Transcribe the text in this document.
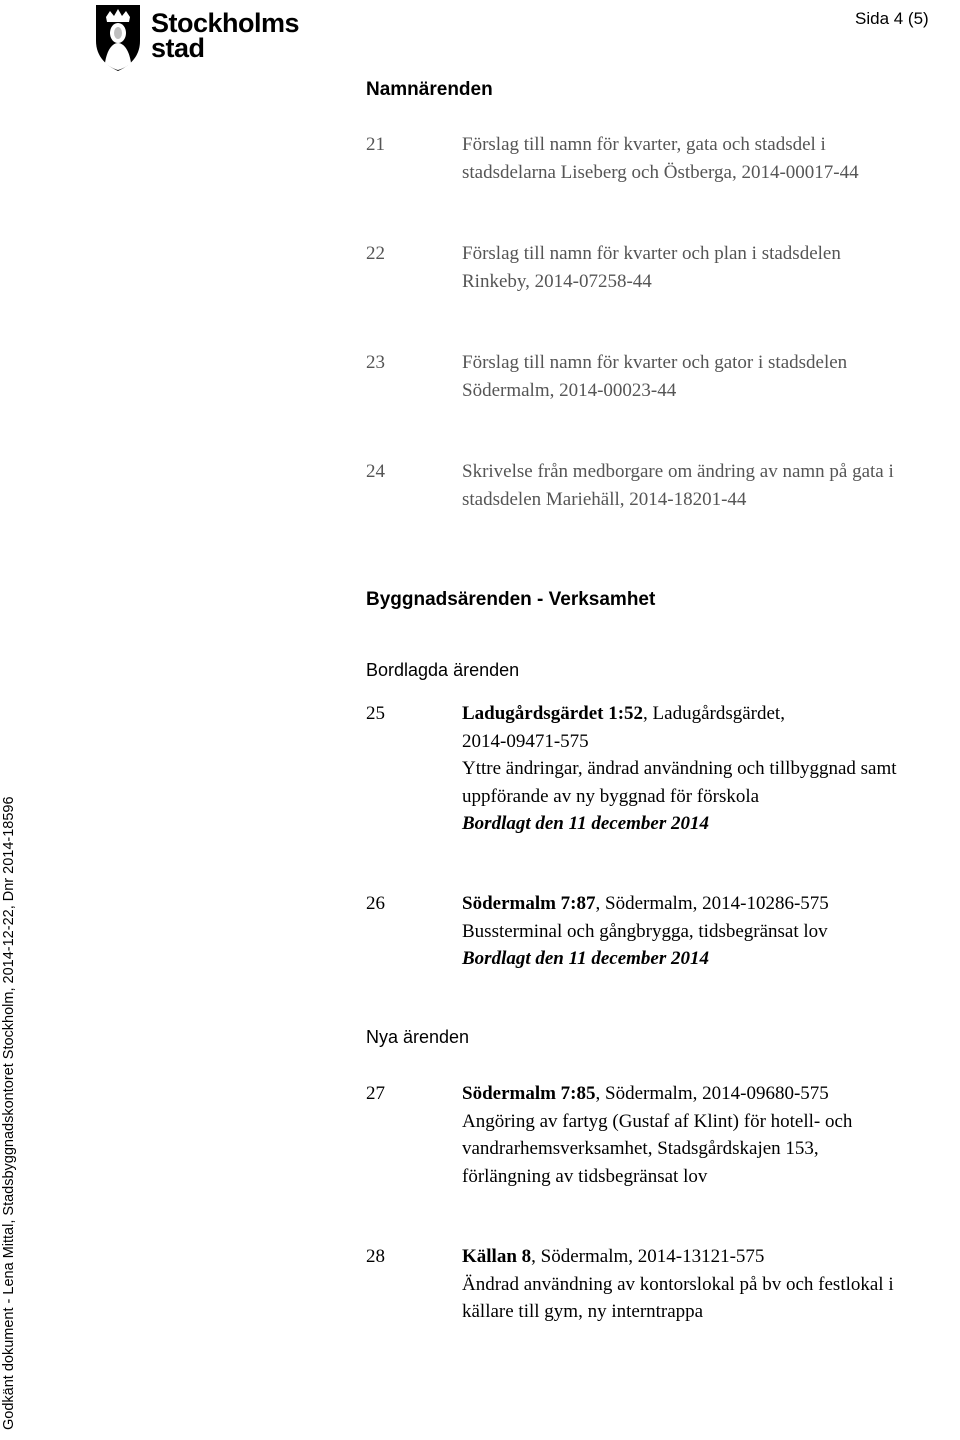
Stockholms
stad
Sida 4 (5)
Namnärenden
21	Förslag till namn för kvarter, gata och stadsdel i
stadsdelarna Liseberg och Östberga, 2014-00017-44
22	Förslag till namn för kvarter och plan i stadsdelen
Rinkeby, 2014-07258-44
23	Förslag till namn för kvarter och gator i stadsdelen
Södermalm, 2014-00023-44
24	Skrivelse från medborgare om ändring av namn på gata i
stadsdelen Mariehäll, 2014-18201-44
Byggnadsärenden - Verksamhet
Bordlagda ärenden
25	Ladugårdsgärdet 1:52, Ladugårdsgärdet,
2014-09471-575
Yttre ändringar, ändrad användning och tillbyggnad samt
uppförande av ny byggnad för förskola
Bordlagt den 11 december 2014
26	Södermalm 7:87, Södermalm, 2014-10286-575
Bussterminal och gångbrygga, tidsbegränsat lov
Bordlagt den 11 december 2014
Nya ärenden
27	Södermalm 7:85, Södermalm, 2014-09680-575
Angöring av fartyg (Gustaf af Klint) för hotell- och
vandrarhemsverksamhet, Stadsgårdskajen 153,
förlängning av tidsbegränsat lov
28	Källan 8, Södermalm, 2014-13121-575
Ändrad användning av kontorslokal på bv och festlokal i
källare till gym, ny interntrappa
Godkänt dokument - Lena Mittal, Stadsbyggnadskontoret Stockholm, 2014-12-22, Dnr 2014-18596
